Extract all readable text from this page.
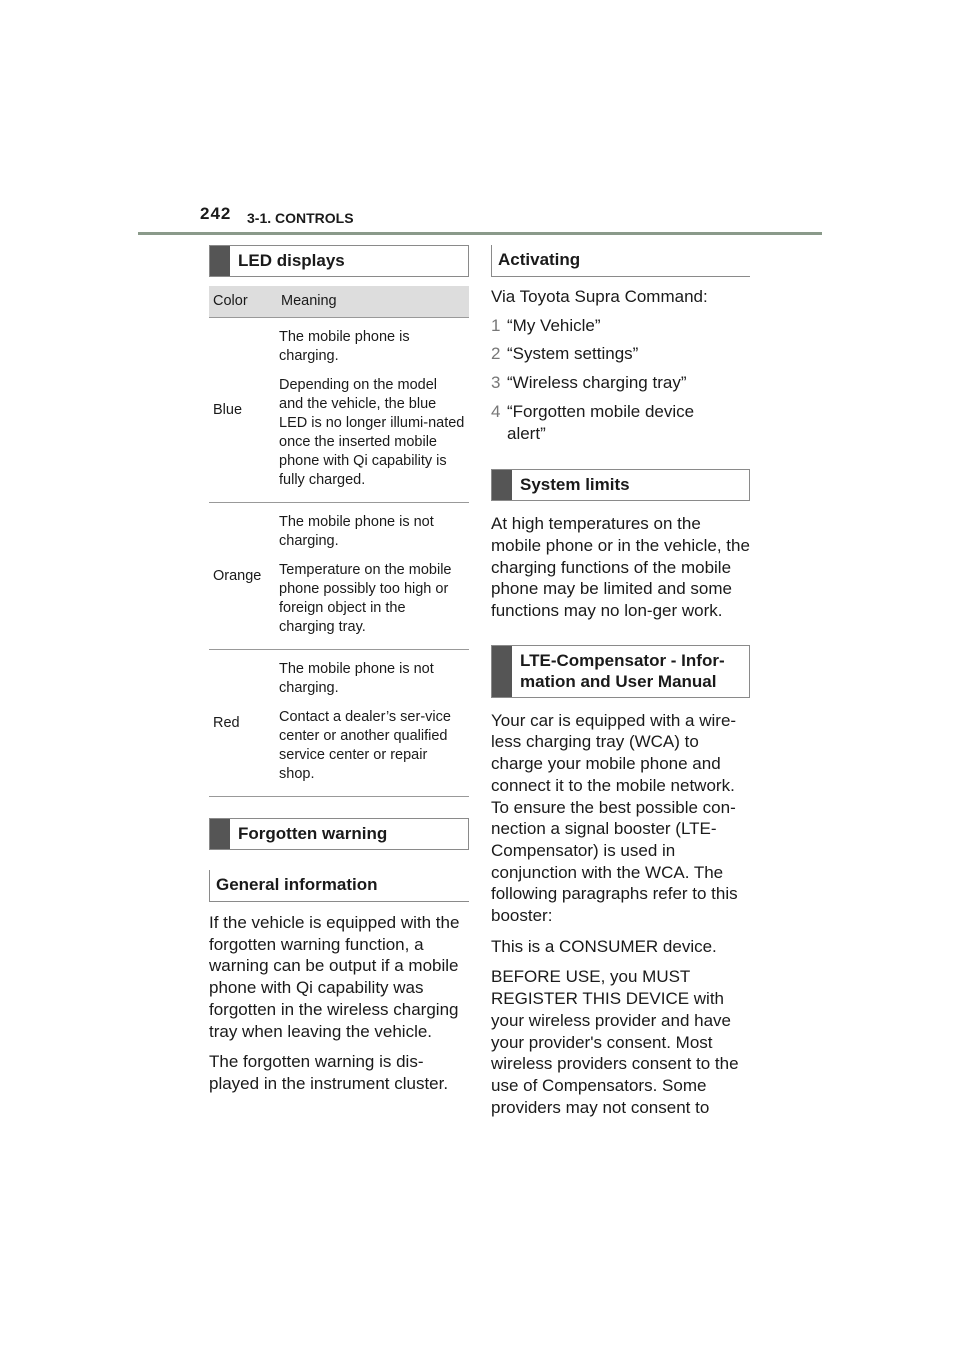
242 3-1. CONTROLS
LED displays
Color	Meaning
Blue	The mobile phone is charging.
Depending on the model and the vehicle, the blue LED is no longer illumi-nated once the inserted mobile phone with Qi capability is fully charged.

Orange	The mobile phone is not charging.
Temperature on the mobile phone possibly too high or foreign object in the charging tray.

Red	The mobile phone is not charging.
Contact a dealer’s ser-vice center or another qualified service center or repair shop.
Forgotten warning
General information

If the vehicle is equipped with the forgotten warning function, a warning can be output if a mobile phone with Qi capability was forgotten in the wireless charging tray when leaving the vehicle.

The forgotten warning is dis-played in the instrument cluster.

Activating

Via Toyota Supra Command:

1 “My Vehicle”
2 “System settings”
3 “Wireless charging tray”
4 “Forgotten mobile device alert”
System limits

At high temperatures on the mobile phone or in the vehicle, the charging functions of the mobile phone may be limited and some functions may no lon-ger work.

LTE-Compensator - Infor-mation and User Manual

Your car is equipped with a wire-less charging tray (WCA) to charge your mobile phone and connect it to the mobile network. To ensure the best possible con-nection a signal booster (LTE-Compensator) is used in conjunction with the WCA. The following paragraphs refer to this booster:

This is a CONSUMER device.

BEFORE USE, you MUST REGISTER THIS DEVICE with your wireless provider and have your provider's consent. Most wireless providers consent to the use of Compensators. Some providers may not consent to
